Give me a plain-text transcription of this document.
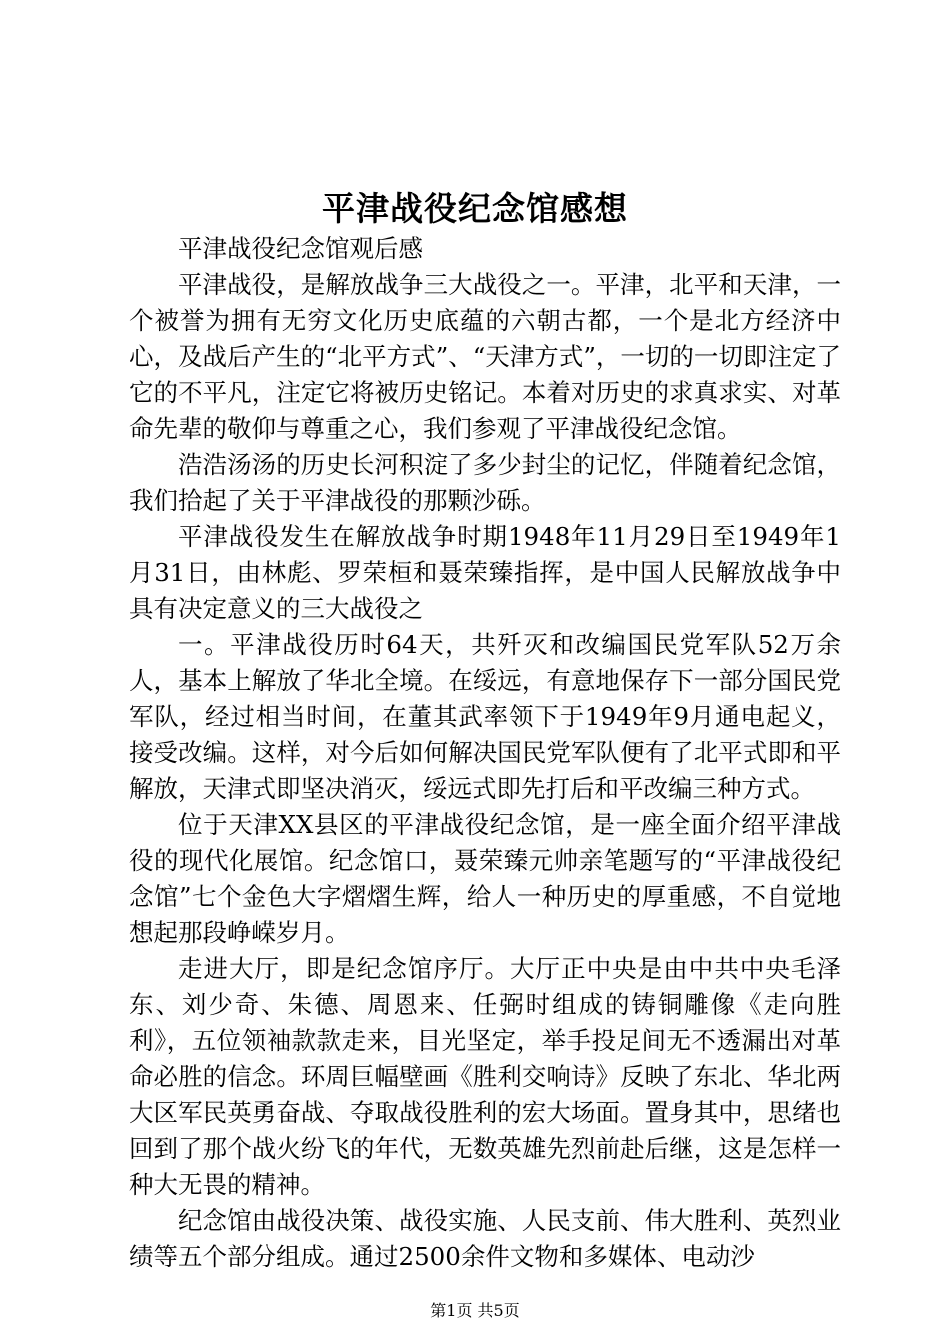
平津战役纪念馆感想

平津战役纪念馆观后感

平津战役，是解放战争三大战役之一。平津，北平和天津，一个被誉为拥有无穷文化历史底蕴的六朝古都，一个是北方经济中心，及战后产生的“北平方式”、“天津方式”，一切的一切即注定了它的不平凡，注定它将被历史铭记。本着对历史的求真求实、对革命先辈的敬仰与尊重之心，我们参观了平津战役纪念馆。

浩浩汤汤的历史长河积淀了多少封尘的记忆，伴随着纪念馆，我们拾起了关于平津战役的那颗沙砾。

平津战役发生在解放战争时期1948年11月29日至1949年1月31日，由林彪、罗荣桓和聂荣臻指挥，是中国人民解放战争中具有决定意义的三大战役之

一。平津战役历时64天，共歼灭和改编国民党军队52万余人，基本上解放了华北全境。在绥远，有意地保存下一部分国民党军队，经过相当时间，在董其武率领下于1949年9月通电起义，接受改编。这样，对今后如何解决国民党军队便有了北平式即和平解放，天津式即坚决消灭，绥远式即先打后和平改编三种方式。

位于天津XX县区的平津战役纪念馆，是一座全面介绍平津战役的现代化展馆。纪念馆口，聂荣臻元帅亲笔题写的“平津战役纪念馆”七个金色大字熠熠生辉，给人一种历史的厚重感，不自觉地想起那段峥嵘岁月。

走进大厅，即是纪念馆序厅。大厅正中央是由中共中央毛泽东、刘少奇、朱德、周恩来、任弼时组成的铸铜雕像《走向胜利》，五位领袖款款走来，目光坚定，举手投足间无不透漏出对革命必胜的信念。环周巨幅壁画《胜利交响诗》反映了东北、华北两大区军民英勇奋战、夺取战役胜利的宏大场面。置身其中，思绪也回到了那个战火纷飞的年代，无数英雄先烈前赴后继，这是怎样一种大无畏的精神。

纪念馆由战役决策、战役实施、人民支前、伟大胜利、英烈业绩等五个部分组成。通过2500余件文物和多媒体、电动沙

第1页 共5页
